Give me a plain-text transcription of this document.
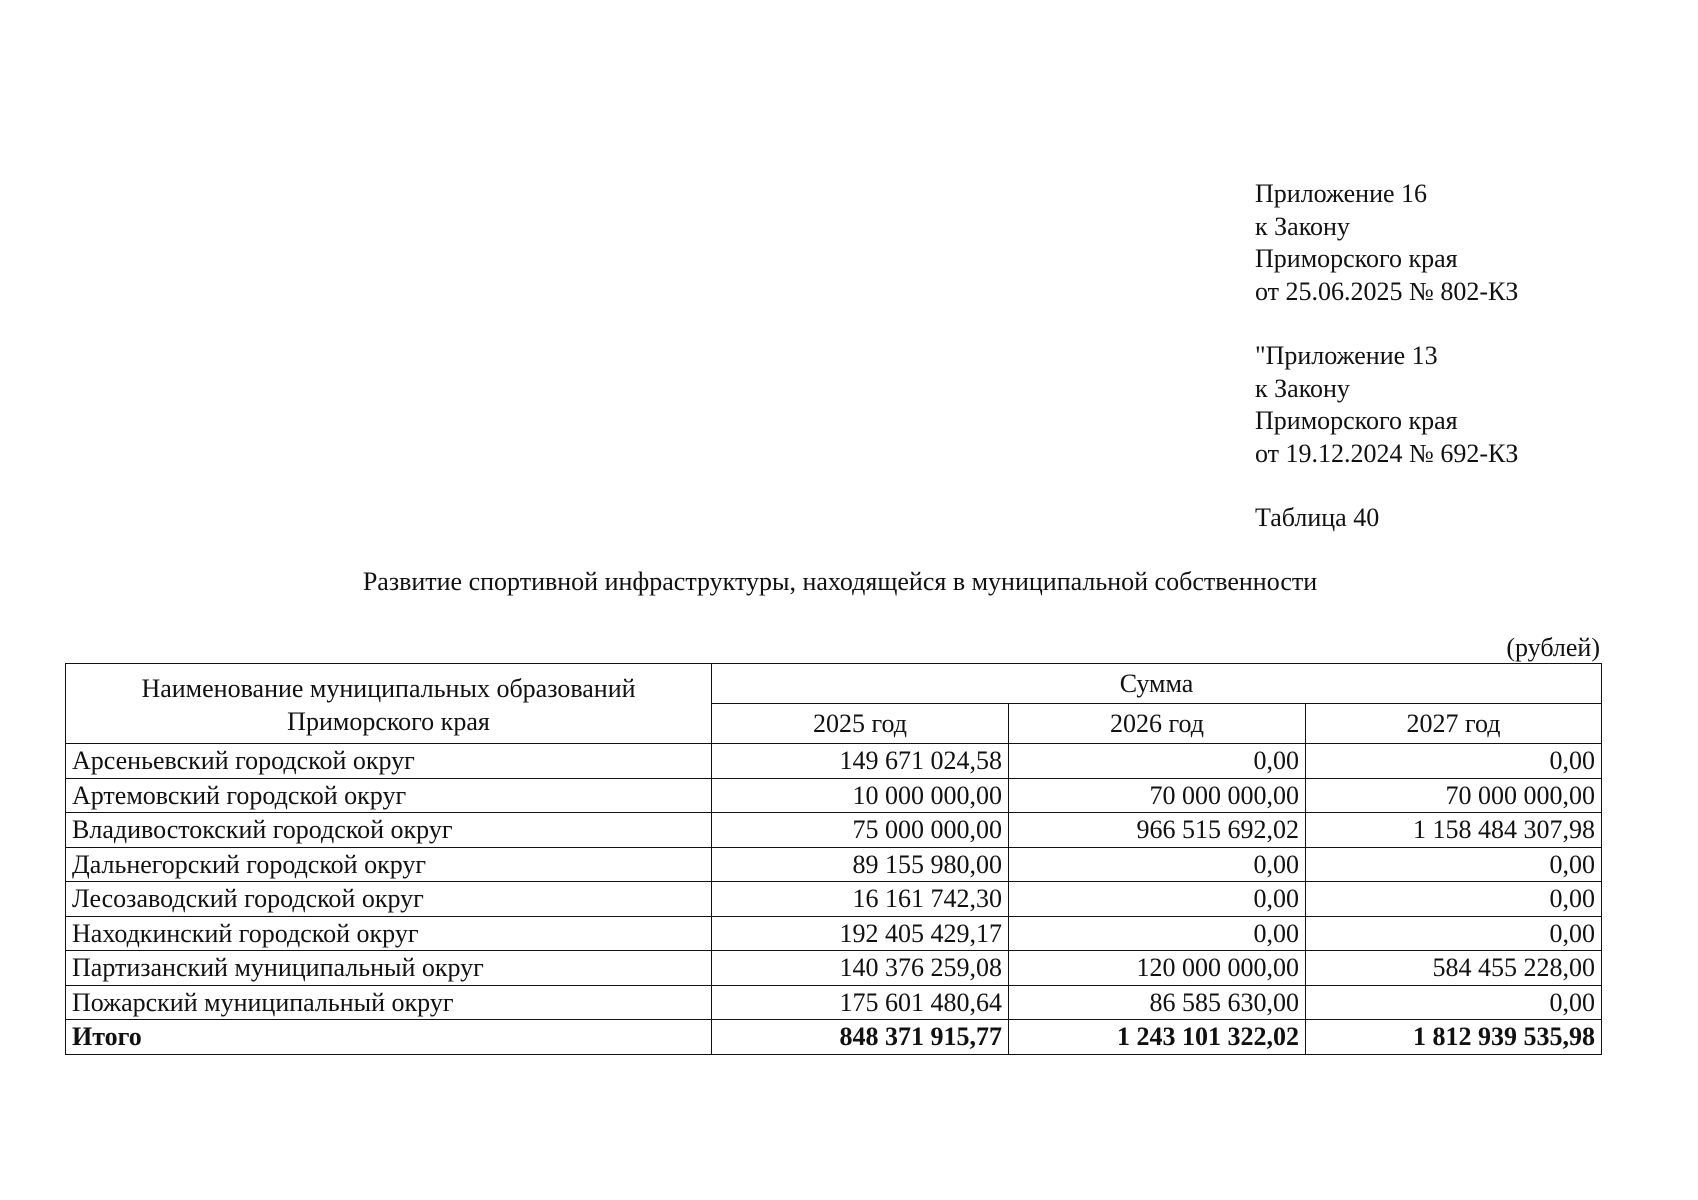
Приложение 16
к Закону
Приморского края
от 25.06.2025 № 802-КЗ
"Приложение 13
к Закону
Приморского края
от 19.12.2024 № 692-КЗ
Таблица 40
Развитие спортивной инфраструктуры, находящейся в муниципальной собственности
(рублей)
Наименование муниципальных образований
Приморского края	Сумма		
	2025 год	2026 год	2027 год
Арсеньевский городской округ	149 671 024,58	0,00	0,00
Артемовский городской округ	10 000 000,00	70 000 000,00	70 000 000,00
Владивостокский городской округ	75 000 000,00	966 515 692,02	1 158 484 307,98
Дальнегорский городской округ	89 155 980,00	0,00	0,00
Лесозаводский городской округ	16 161 742,30	0,00	0,00
Находкинский городской округ	192 405 429,17	0,00	0,00
Партизанский муниципальный округ	140 376 259,08	120 000 000,00	584 455 228,00
Пожарский муниципальный округ	175 601 480,64	86 585 630,00	0,00
Итого	848 371 915,77	1 243 101 322,02	1 812 939 535,98
